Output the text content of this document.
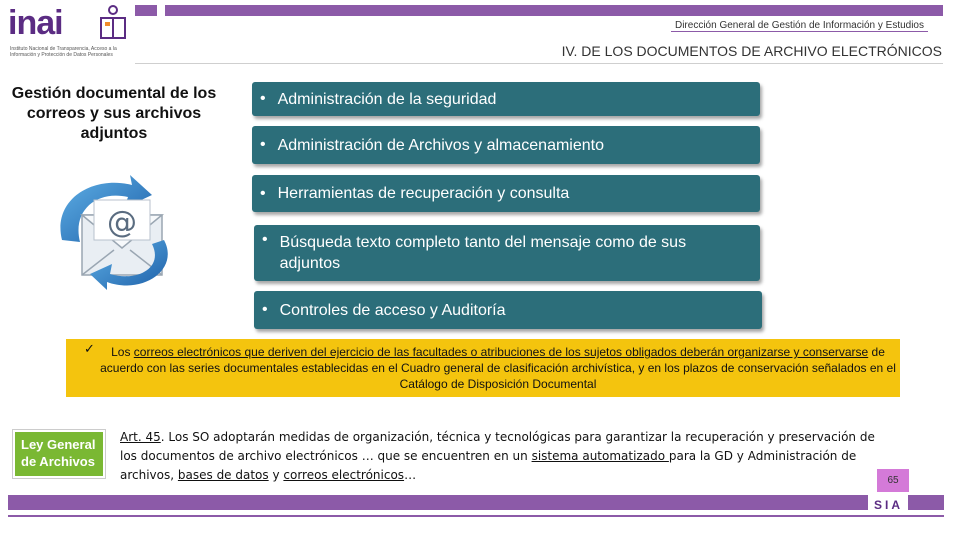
inai
Instituto Nacional de Transparencia, Acceso a la Información y Protección de Datos Personales
Dirección General de Gestión de Información y Estudios
IV. DE LOS DOCUMENTOS DE ARCHIVO ELECTRÓNICOS
Gestión documental de los correos y sus archivos adjuntos
@
• Administración de la seguridad
• Administración de Archivos y almacenamiento
• Herramientas de recuperación y consulta
• Búsqueda texto completo tanto del mensaje como de sus adjuntos
• Controles de acceso y Auditoría
✓	Los correos electrónicos que deriven del ejercicio de las facultades o atribuciones de los sujetos obligados deberán organizarse y conservarse de acuerdo con las series documentales establecidas en el Cuadro general de clasificación archivística, y en los plazos de conservación señalados en el Catálogo de Disposición Documental
Ley General de Archivos
Art. 45. Los SO adoptarán medidas de organización, técnica y tecnológicas para garantizar la recuperación y preservación de los documentos de archivo electrónicos … que se encuentren en un sistema automatizado para la GD y Administración de archivos, bases de datos y correos electrónicos…	65
SIA
